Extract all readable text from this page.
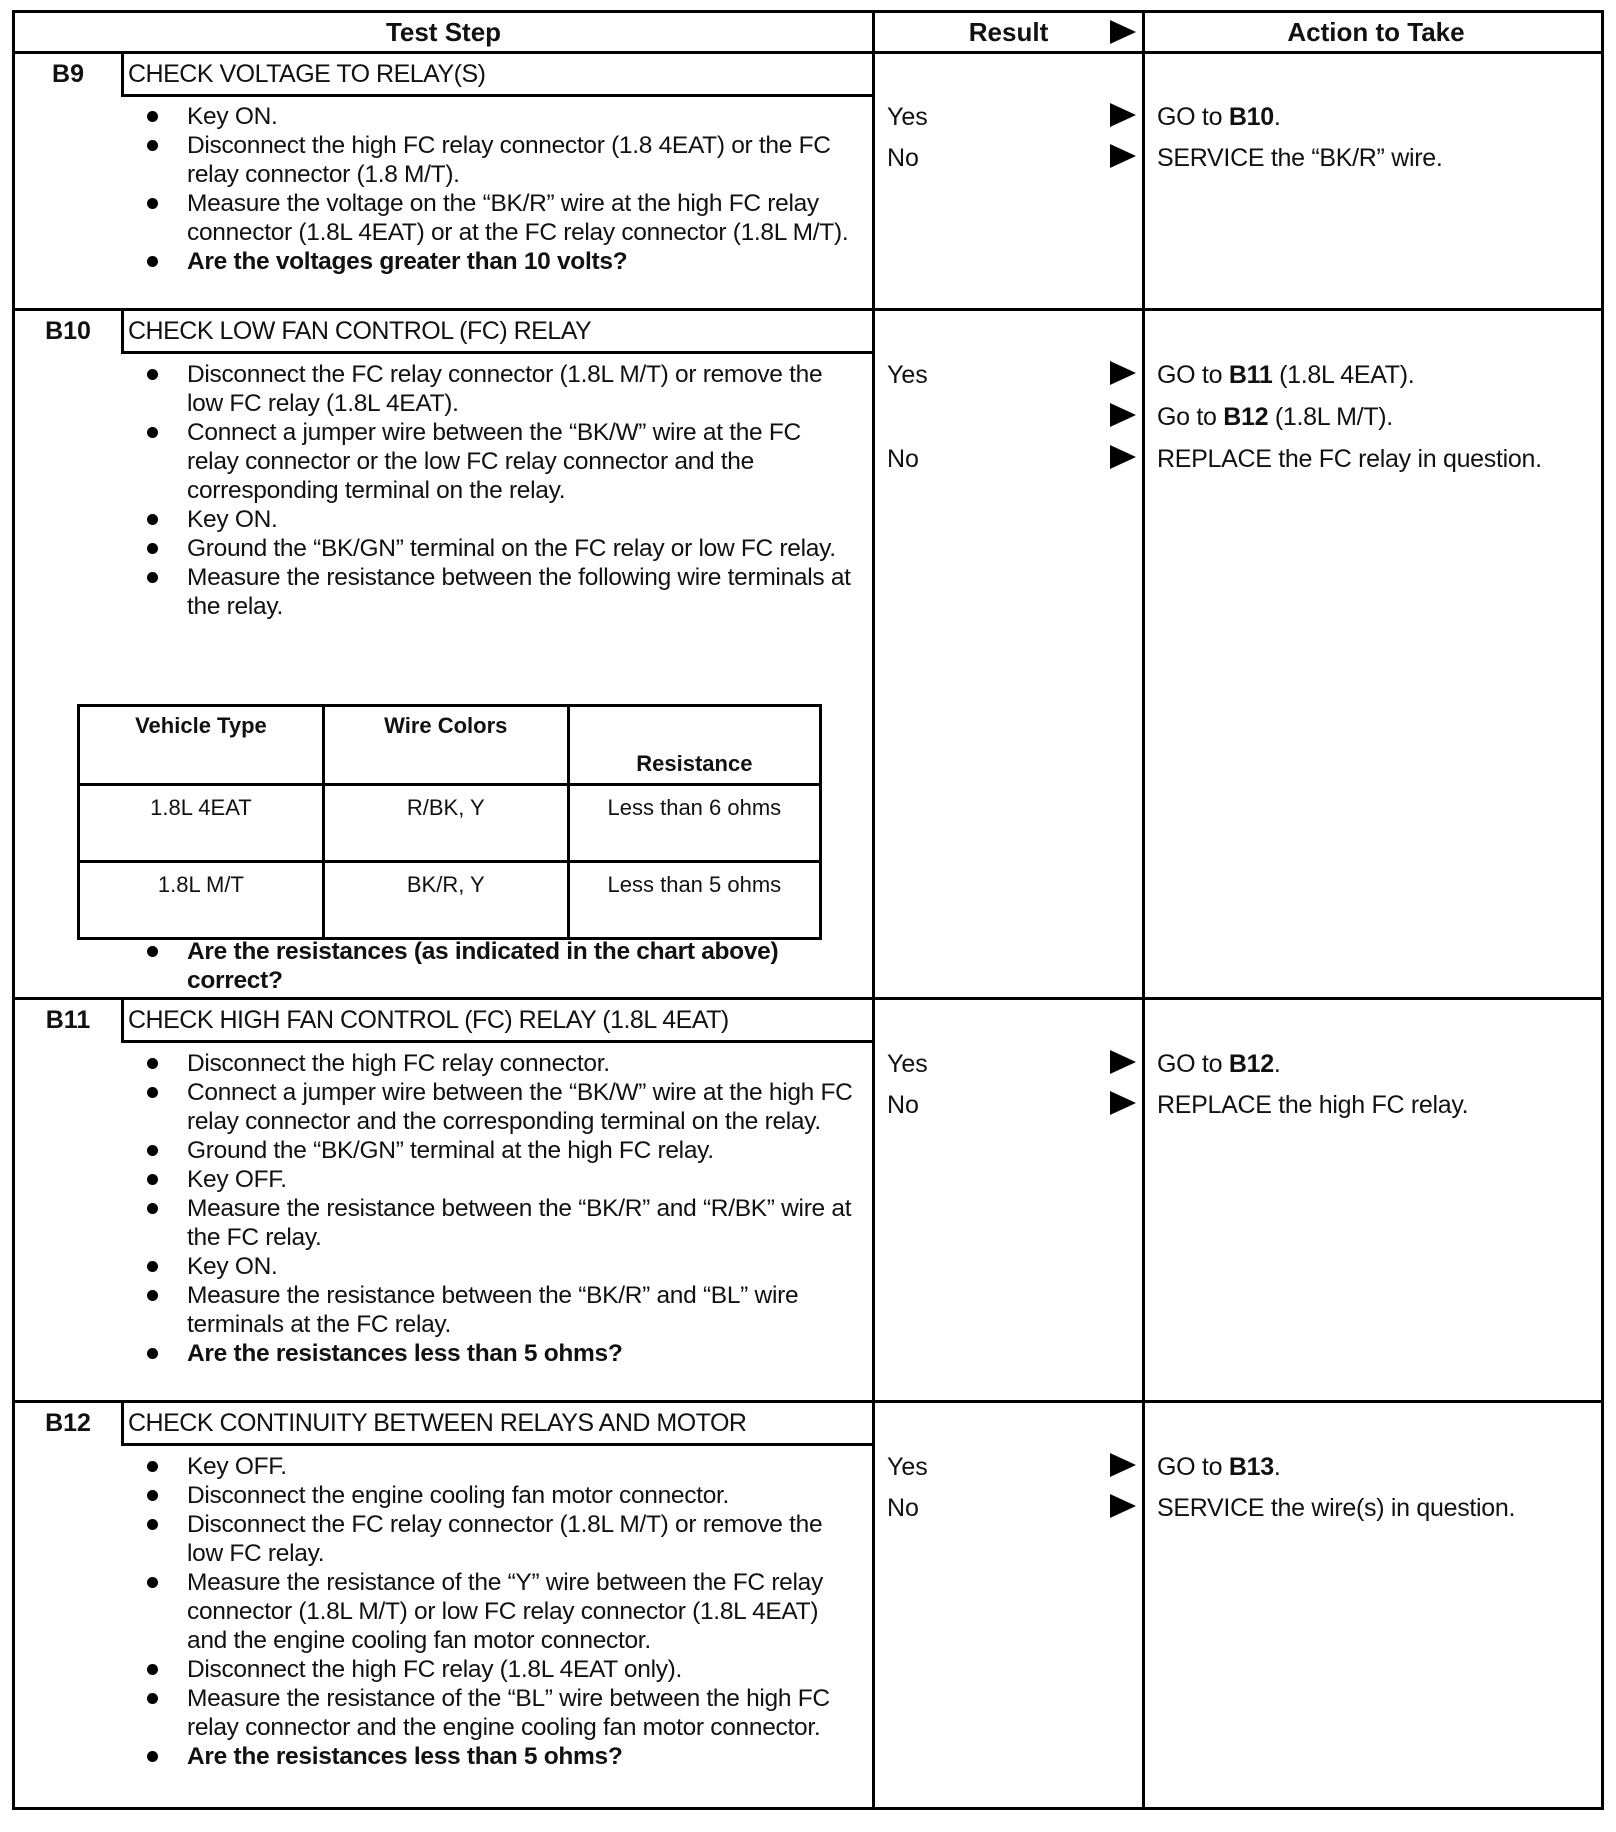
Test Step	Result	Action to Take
B9	CHECK VOLTAGE TO RELAY(S)
Key ON.
Disconnect the high FC relay connector (1.8 4EAT) or the FC relay connector (1.8 M/T).
Measure the voltage on the “BK/R” wire at the high FC relay connector (1.8L 4EAT) or at the FC relay connector (1.8L M/T).
Are the voltages greater than 10 volts?
Yes	GO to B10.
No	SERVICE the “BK/R” wire.
B10	CHECK LOW FAN CONTROL (FC) RELAY
Disconnect the FC relay connector (1.8L M/T) or remove the low FC relay (1.8L 4EAT).
Connect a jumper wire between the “BK/W” wire at the FC relay connector or the low FC relay connector and the corresponding terminal on the relay.
Key ON.
Ground the “BK/GN” terminal on the FC relay or low FC relay.
Measure the resistance between the following wire terminals at the relay.
Vehicle Type	Wire Colors	Resistance
1.8L 4EAT	R/BK, Y	Less than 6 ohms
1.8L M/T	BK/R, Y	Less than 5 ohms
Are the resistances (as indicated in the chart above) correct?
Yes	GO to B11 (1.8L 4EAT).
Go to B12 (1.8L M/T).
No	REPLACE the FC relay in question.
B11	CHECK HIGH FAN CONTROL (FC) RELAY (1.8L 4EAT)
Disconnect the high FC relay connector.
Connect a jumper wire between the “BK/W” wire at the high FC relay connector and the corresponding terminal on the relay.
Ground the “BK/GN” terminal at the high FC relay.
Key OFF.
Measure the resistance between the “BK/R” and “R/BK” wire at the FC relay.
Key ON.
Measure the resistance between the “BK/R” and “BL” wire terminals at the FC relay.
Are the resistances less than 5 ohms?
Yes	GO to B12.
No	REPLACE the high FC relay.
B12	CHECK CONTINUITY BETWEEN RELAYS AND MOTOR
Key OFF.
Disconnect the engine cooling fan motor connector.
Disconnect the FC relay connector (1.8L M/T) or remove the low FC relay.
Measure the resistance of the “Y” wire between the FC relay connector (1.8L M/T) or low FC relay connector (1.8L 4EAT) and the engine cooling fan motor connector.
Disconnect the high FC relay (1.8L 4EAT only).
Measure the resistance of the “BL” wire between the high FC relay connector and the engine cooling fan motor connector.
Are the resistances less than 5 ohms?
Yes	GO to B13.
No	SERVICE the wire(s) in question.
